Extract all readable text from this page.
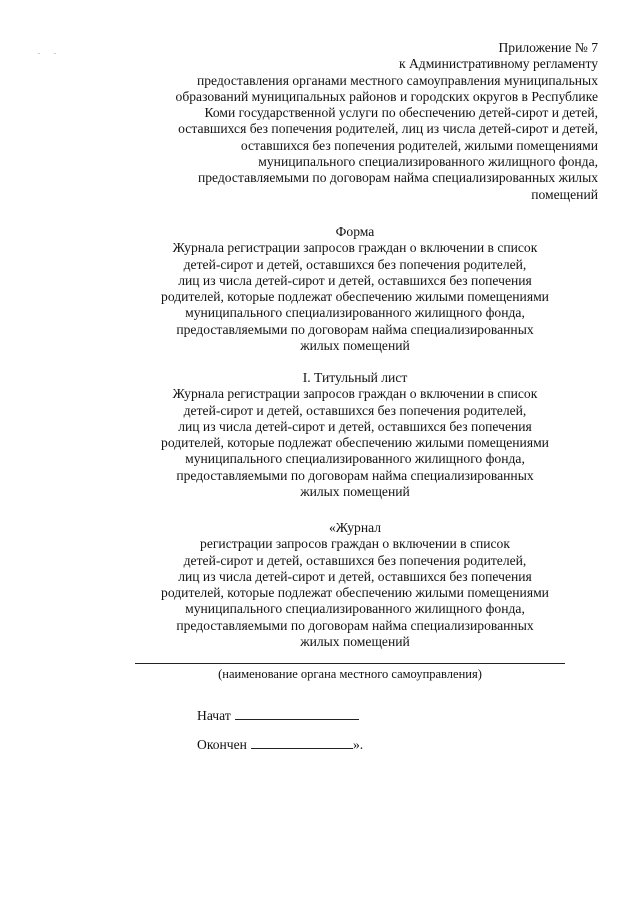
. .	Приложение № 7
к Административному регламенту
предоставления органами местного самоуправления муниципальных
образований муниципальных районов и городских округов в Республике
Коми государственной услуги по обеспечению детей-сирот и детей,
оставшихся без попечения родителей, лиц из числа детей-сирот и детей,
оставшихся без попечения родителей, жилыми помещениями
муниципального специализированного жилищного фонда,
предоставляемыми по договорам найма специализированных жилых
помещений
Форма
Журнала регистрации запросов граждан о включении в список
детей-сирот и детей, оставшихся без попечения родителей,
лиц из числа детей-сирот и детей, оставшихся без попечения
родителей, которые подлежат обеспечению жилыми помещениями
муниципального специализированного жилищного фонда,
предоставляемыми по договорам найма специализированных
жилых помещений
I. Титульный лист
Журнала регистрации запросов граждан о включении в список
детей-сирот и детей, оставшихся без попечения родителей,
лиц из числа детей-сирот и детей, оставшихся без попечения
родителей, которые подлежат обеспечению жилыми помещениями
муниципального специализированного жилищного фонда,
предоставляемыми по договорам найма специализированных
жилых помещений
«Журнал
регистрации запросов граждан о включении в список
детей-сирот и детей, оставшихся без попечения родителей,
лиц из числа детей-сирот и детей, оставшихся без попечения
родителей, которые подлежат обеспечению жилыми помещениями
муниципального специализированного жилищного фонда,
предоставляемыми по договорам найма специализированных
жилых помещений
(наименование органа местного самоуправления)
Начат
Окончен	».
